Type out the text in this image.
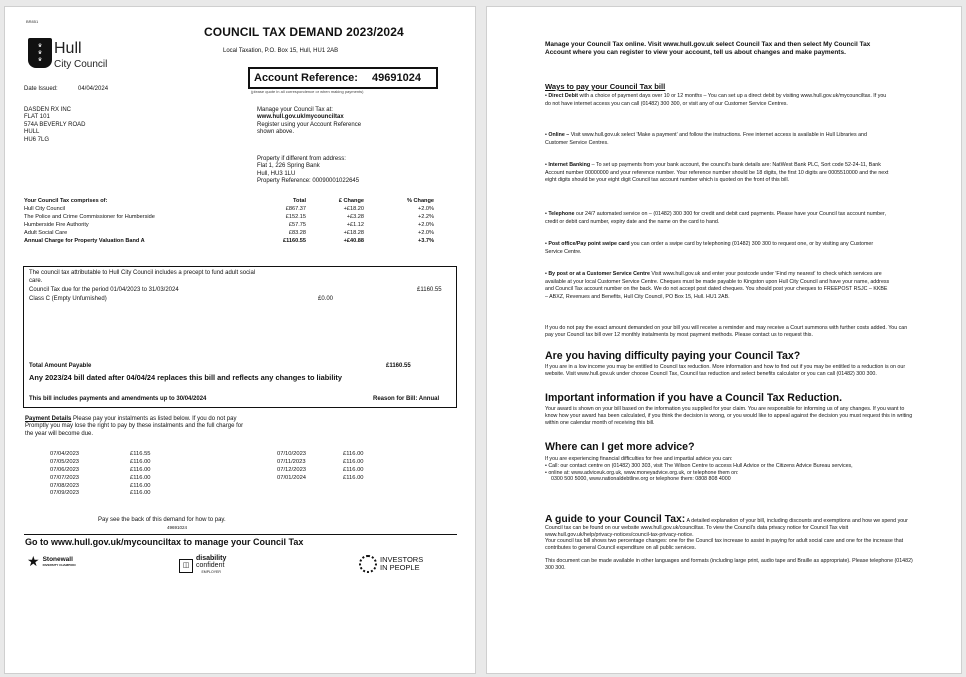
BR851
♛
♛
♛
Hull
City Council
COUNCIL TAX DEMAND 2023/2024
Local Taxation, P.O. Box 15, Hull, HU1 2AB
Account Reference: 49691024
(please quote in all correspondence or when making payments)
Date Issued:	04/04/2024
DASDEN RX INC
FLAT 101
574A BEVERLY ROAD
HULL
HU6 7LG
Manage your Council Tax at:
www.hull.gov.uk/mycounciltax
Register using your Account Reference
shown above.
Property if different from address:
Flat 1, 226 Spring Bank
Hull, HU3 1LU
Property Reference: 00090001022645
Your Council Tax comprises of:	Total	£ Change	% Change
Hull City Council	£867.37	+£18.20	+2.0%
The Police and Crime Commissioner for Humberside	£152.15	+£3.28	+2.2%
Humberside Fire Authority	£57.75	+£1.12	+2.0%
Adult Social Care	£83.28	+£18.28	+2.0%
Annual Charge for Property Valuation Band A	£1160.55	+£40.88	+3.7%
The council tax attributable to Hull City Council includes a precept to fund adult social
care.
Council Tax due for the period 01/04/2023 to 31/03/2024	£1160.55
Class C (Empty Unfurnished)	£0.00
Total Amount Payable	£1160.55
Any 2023/24 bill dated after 04/04/24 replaces this bill and reflects any changes to liability
This bill includes payments and amendments up to 30/04/2024	Reason for Bill: Annual
Payment Details Please pay your instalments as listed below. If you do not pay
Promptly you may lose the right to pay by these instalments and the full charge for
the year will become due.
07/04/2023	£116.55
07/05/2023	£116.00
07/06/2023	£116.00
07/07/2023	£116.00
07/08/2023	£116.00
07/09/2023	£116.00
07/10/2023	£116.00
07/11/2023	£116.00
07/12/2023	£116.00
07/01/2024	£116.00
Pay see the back of this demand for how to pay.
49691024
Go to www.hull.gov.uk/mycounciltax to manage your Council Tax
★ Stonewall
DIVERSITY CHAMPION	◫
disability
confident
EMPLOYER
INVESTORS
IN PEOPLE
Manage your Council Tax online. Visit www.hull.gov.uk select Council Tax and then select My Council Tax Account where you can register to view your account, tell us about changes and make payments.
Ways to pay your Council Tax bill
• Direct Debit with a choice of payment days over 10 or 12 months – You can set up a direct debit by visiting www.hull.gov.uk/mycounciltax. If you do not have internet access you can call (01482) 300 300, or visit any of our Customer Service Centres.
• Online – Visit www.hull.gov.uk select 'Make a payment' and follow the instructions. Free internet access is available in Hull Libraries and Customer Service Centres.
• Internet Banking – To set up payments from your bank account, the council's bank details are: NatWest Bank PLC, Sort code 52-24-11, Bank Account number 00000000 and your reference number. Your reference number should be 18 digits, the first 10 digits are 0005510000 and the next eight digits should be your eight digit Council tax account number which is quoted on the front of this bill.
• Telephone our 24/7 automated service on – (01482) 300 300 for credit and debit card payments. Please have your Council tax account number, credit or debit card number, expiry date and the name on the card to hand.
• Post office/Pay point swipe card you can order a swipe card by telephoning (01482) 300 300 to request one, or by visiting any Customer Service Centre.
• By post or at a Customer Service Centre Visit www.hull.gov.uk and enter your postcode under 'Find my nearest' to check which services are available at your local Customer Service Centre. Cheques must be made payable to Kingston upon Hull City Council and have your name, address and Council Tax account number on the back. We do not accept post dated cheques. You should post your cheques to FREEPOST RSJC – KKBE – ABXZ, Revenues and Benefits, Hull City Council, PO Box 15, Hull. HU1 2AB.
If you do not pay the exact amount demanded on your bill you will receive a reminder and may receive a Court summons with further costs added. You can pay your Council tax bill over 12 monthly instalments by most payment methods. Please contact us to request this.
Are you having difficulty paying your Council Tax?
If you are in a low income you may be entitled to Council tax reduction. More information and how to find out if you may be entitled to a reduction is on our website. Visit www.hull.gov.uk under choose Council Tax, Council tax reduction and select benefits calculator or you can call (01482) 300 300.
Important information if you have a Council Tax Reduction.
Your award is shown on your bill based on the information you supplied for your claim. You are responsible for informing us of any changes. If you want to know how your award has been calculated, if you think the decision is wrong, or you would like to appeal against the decision you must request this in writing within one calendar month of receiving this bill.
Where can I get more advice?
If you are experiencing financial difficulties for free and impartial advice you can:
• Call: our contact centre on (01482) 300 303, visit The Wilson Centre to access Hull Advice or the Citizens Advice Bureau services,
• online at: www.adviceuk.org.uk, www.moneyadvice.org.uk, or telephone them on:
0300 500 5000, www.nationaldebtline.org or telephone them: 0808 808 4000
A guide to your Council Tax: A detailed explanation of your bill, including discounts and exemptions and how we spend your Council tax can be found on our website www.hull.gov.uk/counciltax. To view the Council's data privacy notice for Council Tax visit www.hull.gov.uk/help/privacy-notices/council-tax-privacy-notice.
Your council tax bill shows two percentage changes: one for the Council tax increase to assist in paying for adult social care and one for the increase that contributes to general Council expenditure on all public services.
This document can be made available in other languages and formats (including large print, audio tape and Braille as appropriate). Please telephone (01482) 300 300.
